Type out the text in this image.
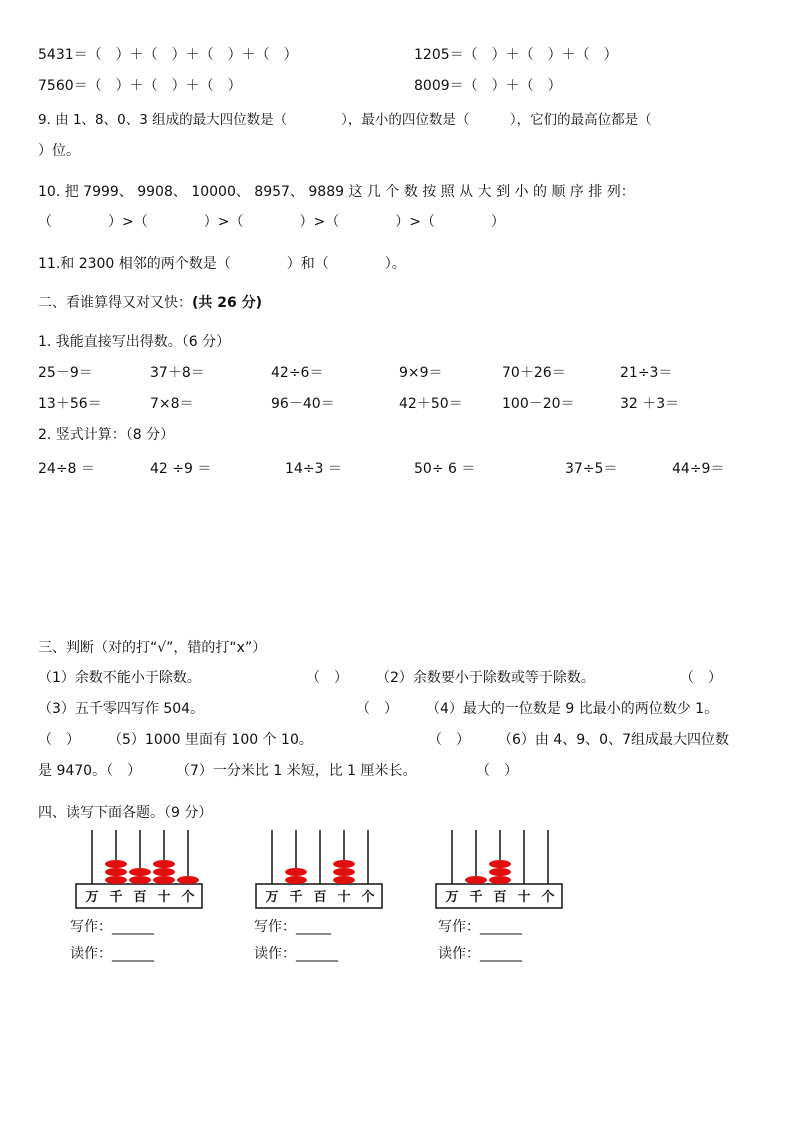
5431＝（　）＋（　）＋（　）＋（　）	1205＝（　）＋（　）＋（　）
7560＝（　）＋（　）＋（　）	8009＝（　）＋（　）
9. 由 1、8、0、3 组成的最大四位数是（　　　　），最小的四位数是（　　　），它们的最高位都是（
）位。
10. 把 7999、 9908、 10000、 8957、 9889 这 几 个 数 按 照 从 大 到 小 的 顺 序 排 列：
（　　　　）>（　　　　）>（　　　　）>（　　　　）>（　　　　）
11.和 2300 相邻的两个数是（　　　　）和（　　　　）。
二、看谁算得又对又快：(共 26 分)
1. 我能直接写出得数。（6 分）
25－9＝	37＋8＝	42÷6＝	9×9＝	70＋26＝	21÷3＝
13＋56＝	7×8＝	96－40＝	42＋50＝	100－20＝	32 ＋3＝
2. 竖式计算：（8 分）
24÷8 ＝	42 ÷9 ＝	14÷3 ＝	50÷ 6 ＝	37÷5＝	44÷9＝
三、判断（对的打“√”，错的打“x”）
（1）余数不能小于除数。	（　） （2）余数要小于除数或等于除数。	（　）
（3）五千零四写作 504。	（　） （4）最大的一位数是 9 比最小的两位数少 1。
（　） （5）1000 里面有 100 个 10。	（　） （6）由 4、9、0、7组成最大四位数
是 9470。（　） （7）一分米比 1 米短，比 1 厘米长。	（　）
四、读写下面各题。（9 分）
万 千 百 十 个	万 千 百 十 个	万 千 百 十 个
写作：______
读作：______
写作：_____
读作：______
写作：______
读作：______
